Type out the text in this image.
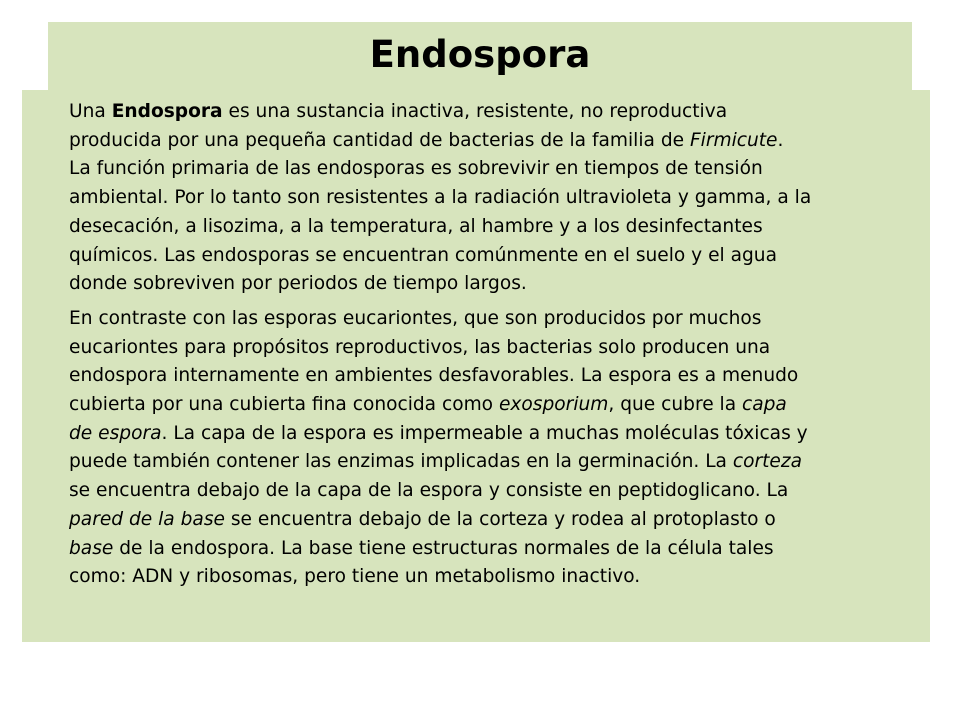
Endospora

Una Endospora es una sustancia inactiva, resistente, no reproductiva
producida por una pequeña cantidad de bacterias de la familia de Firmicute.
La función primaria de las endosporas es sobrevivir en tiempos de tensión
ambiental. Por lo tanto son resistentes a la radiación ultravioleta y gamma, a la
desecación, a lisozima, a la temperatura, al hambre y a los desinfectantes
químicos. Las endosporas se encuentran comúnmente en el suelo y el agua
donde sobreviven por periodos de tiempo largos.

En contraste con las esporas eucariontes, que son producidos por muchos
eucariontes para propósitos reproductivos, las bacterias solo producen una
endospora internamente en ambientes desfavorables. La espora es a menudo
cubierta por una cubierta fina conocida como exosporium, que cubre la capa
de espora. La capa de la espora es impermeable a muchas moléculas tóxicas y
puede también contener las enzimas implicadas en la germinación. La corteza
se encuentra debajo de la capa de la espora y consiste en peptidoglicano. La
pared de la base se encuentra debajo de la corteza y rodea al protoplasto o
base de la endospora. La base tiene estructuras normales de la célula tales
como: ADN y ribosomas, pero tiene un metabolismo inactivo.
